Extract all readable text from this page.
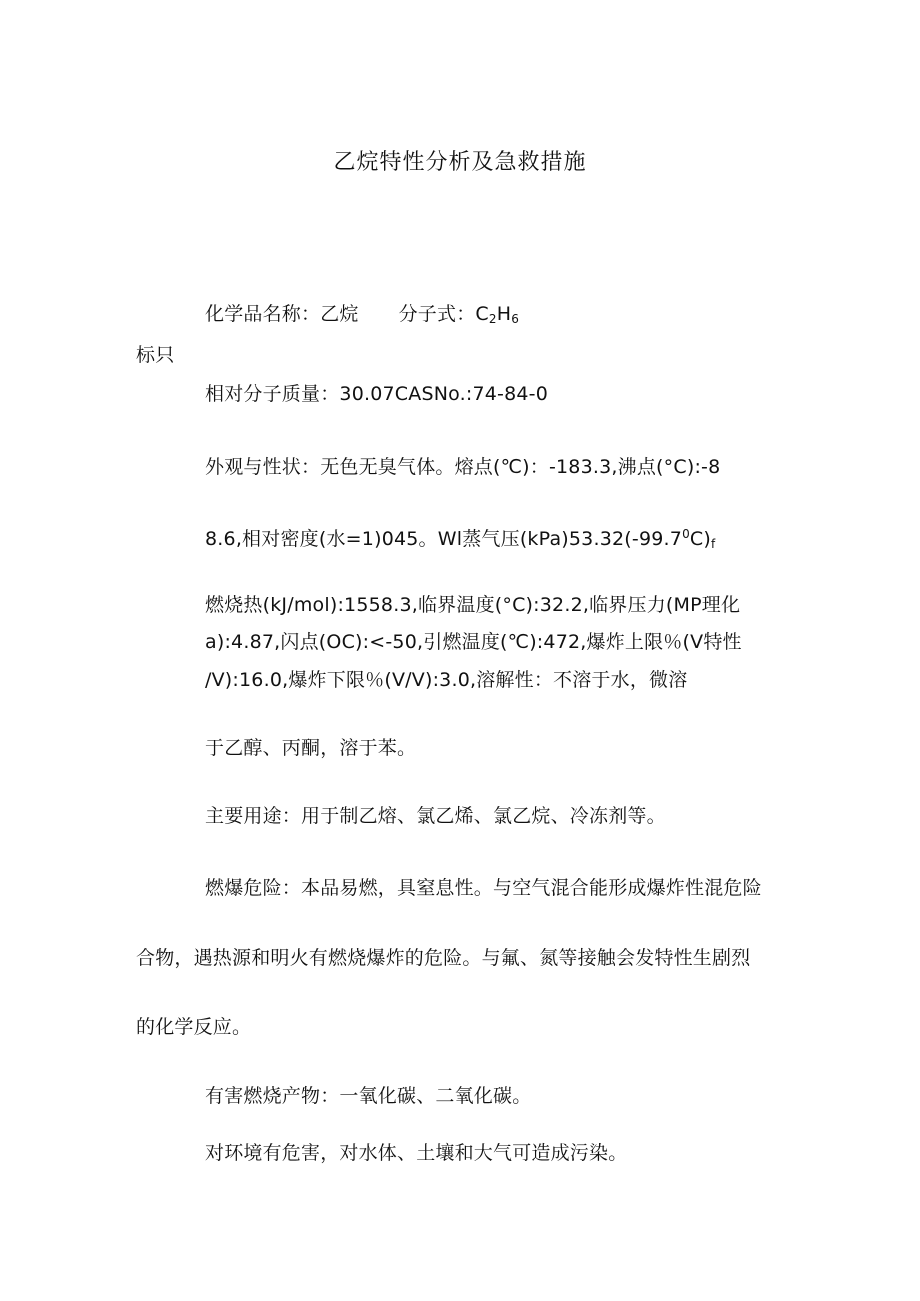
乙烷特性分析及急救措施
化学品名称：乙烷 分子式：$C_2H_6$
标只
相对分子质量：30.07CASNo.:74-84-0
外观与性状：无色无臭气体。熔点(℃)：-183.3,沸点(°C):-8
8.6,相对密度(水=1)045。Wl蒸气压$(kPa)53.32(-99.7^0C)_f$
燃烧热(kJ∕mol):1558.3,临界温度(°C):32.2,临界压力(MP理化
a):4.87,闪点(OC):<-50,引燃温度(℃):472,爆炸上限％(V特性
/V):16.0,爆炸下限％(V∕V):3.0,溶解性：不溶于水，微溶
于乙醇、丙酮，溶于苯。
主要用途：用于制乙熔、氯乙烯、氯乙烷、冷冻剂等。
燃爆危险：本品易燃，具窒息性。与空气混合能形成爆炸性混危险
合物，遇热源和明火有燃烧爆炸的危险。与氟、氮等接触会发特性生剧烈
的化学反应。
有害燃烧产物：一氧化碳、二氧化碳。
对环境有危害，对水体、土壤和大气可造成污染。
